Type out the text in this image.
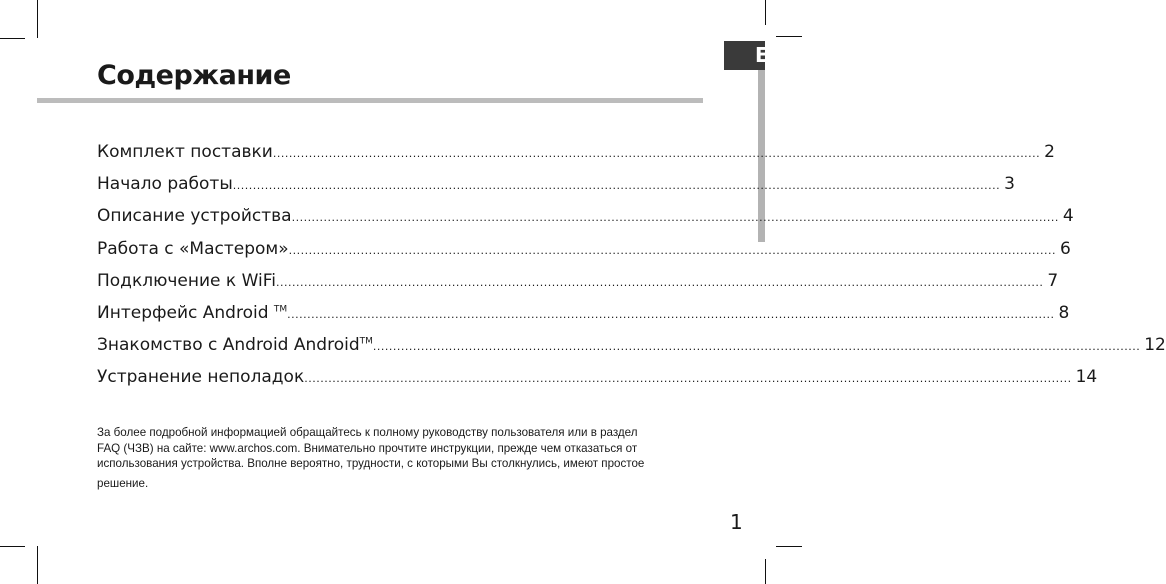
E
Содержание
Комплект поставки .....	2
Начало работы .....	3
Описание устройства .....	4
Работа с «Мастером» .....	6
Подключение к WiFi .....	7
Интерфейс Android ™ .....	8
Знакомство с Android Android™ .....	12
Устранение неполадок .....	14

За более подробной информацией обращайтесь к полному руководству пользователя или в раздел

FAQ (ЧЗВ) на сайте: www.archos.com. Внимательно прочтите инструкции, прежде чем отказаться от

использования устройства. Вполне вероятно, трудности, с которыми Вы столкнулись, имеют простое

решение.

1
